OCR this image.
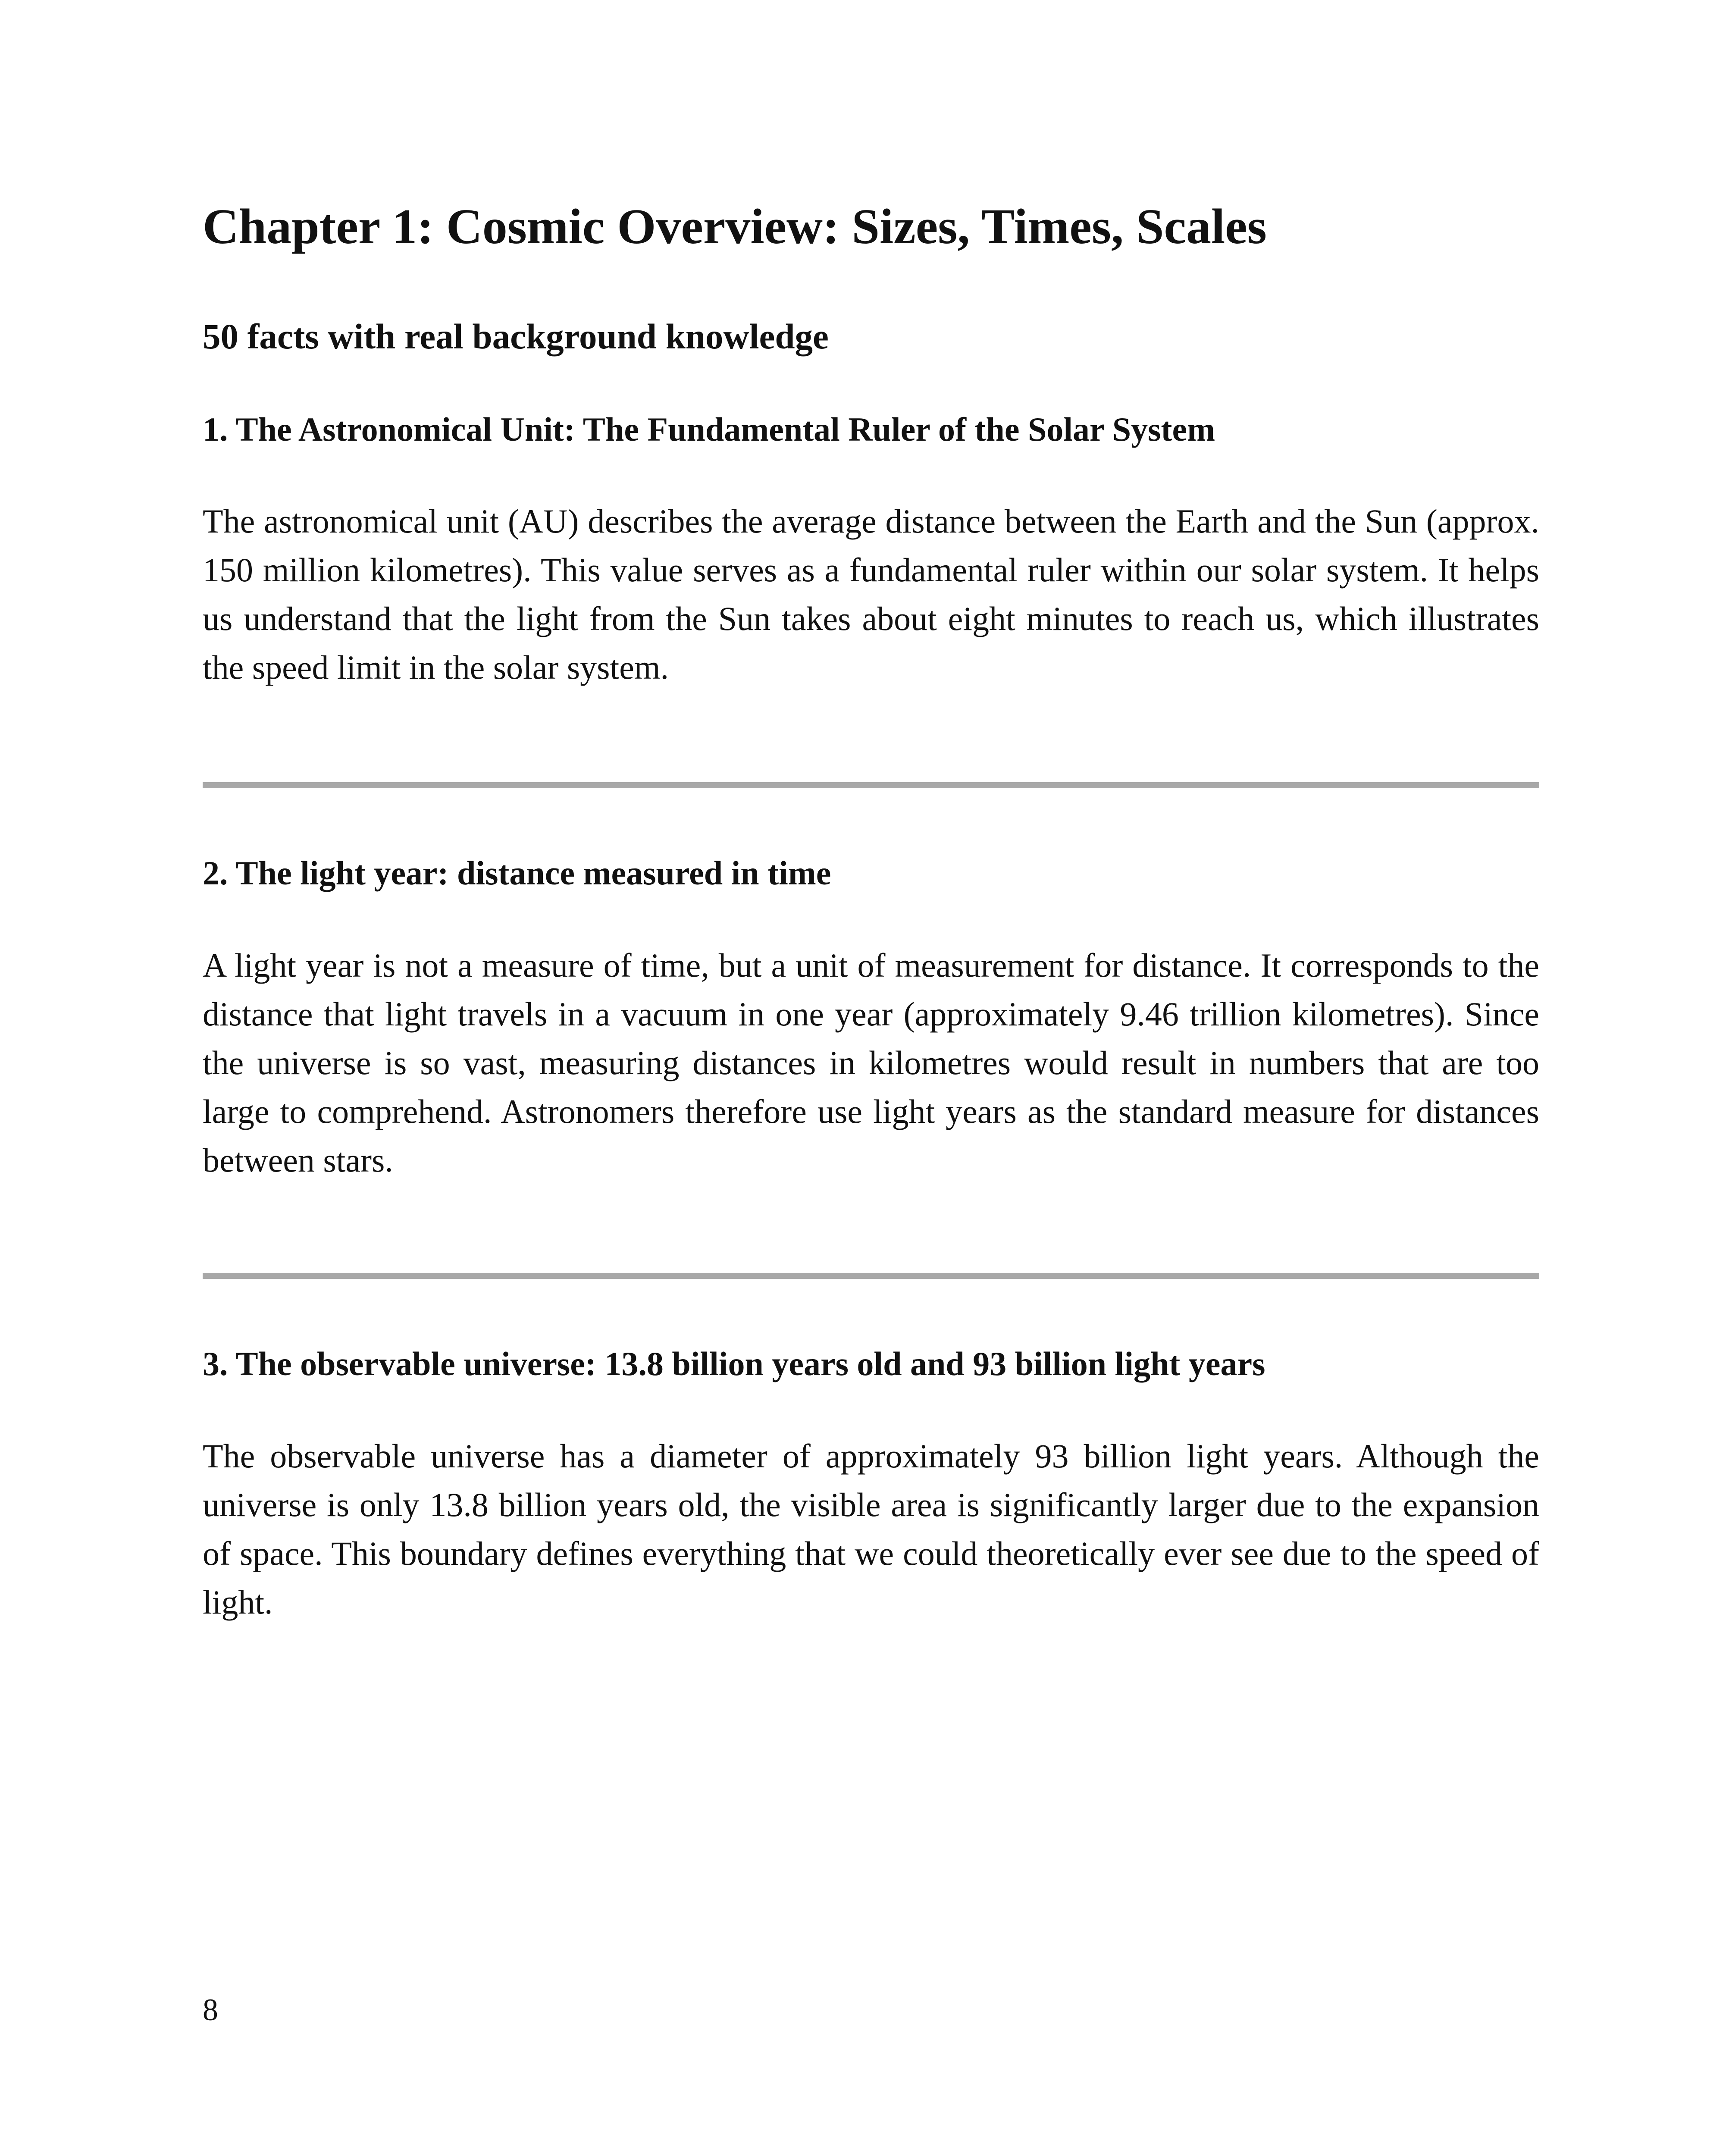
Chapter 1: Cosmic Overview: Sizes, Times, Scales
50 facts with real background knowledge
1. The Astronomical Unit: The Fundamental Ruler of the Solar System

The astronomical unit (AU) describes the average distance between the Earth and the Sun (approx. 150 million kilometres). This value serves as a fundamental ruler within our solar system. It helps us understand that the light from the Sun takes about eight minutes to reach us, which illustrates the speed limit in the solar system.

2. The light year: distance measured in time

A light year is not a measure of time, but a unit of measurement for distance. It corresponds to the distance that light travels in a vacuum in one year (approximately 9.46 trillion kilometres). Since the universe is so vast, measuring distances in kilometres would result in numbers that are too large to comprehend. Astronomers therefore use light years as the standard measure for distances between stars.

3. The observable universe: 13.8 billion years old and 93 billion light years

The observable universe has a diameter of approximately 93 billion light years. Although the universe is only 13.8 billion years old, the visible area is significantly larger due to the expansion of space. This boundary defines everything that we could theoretically ever see due to the speed of light.

8
